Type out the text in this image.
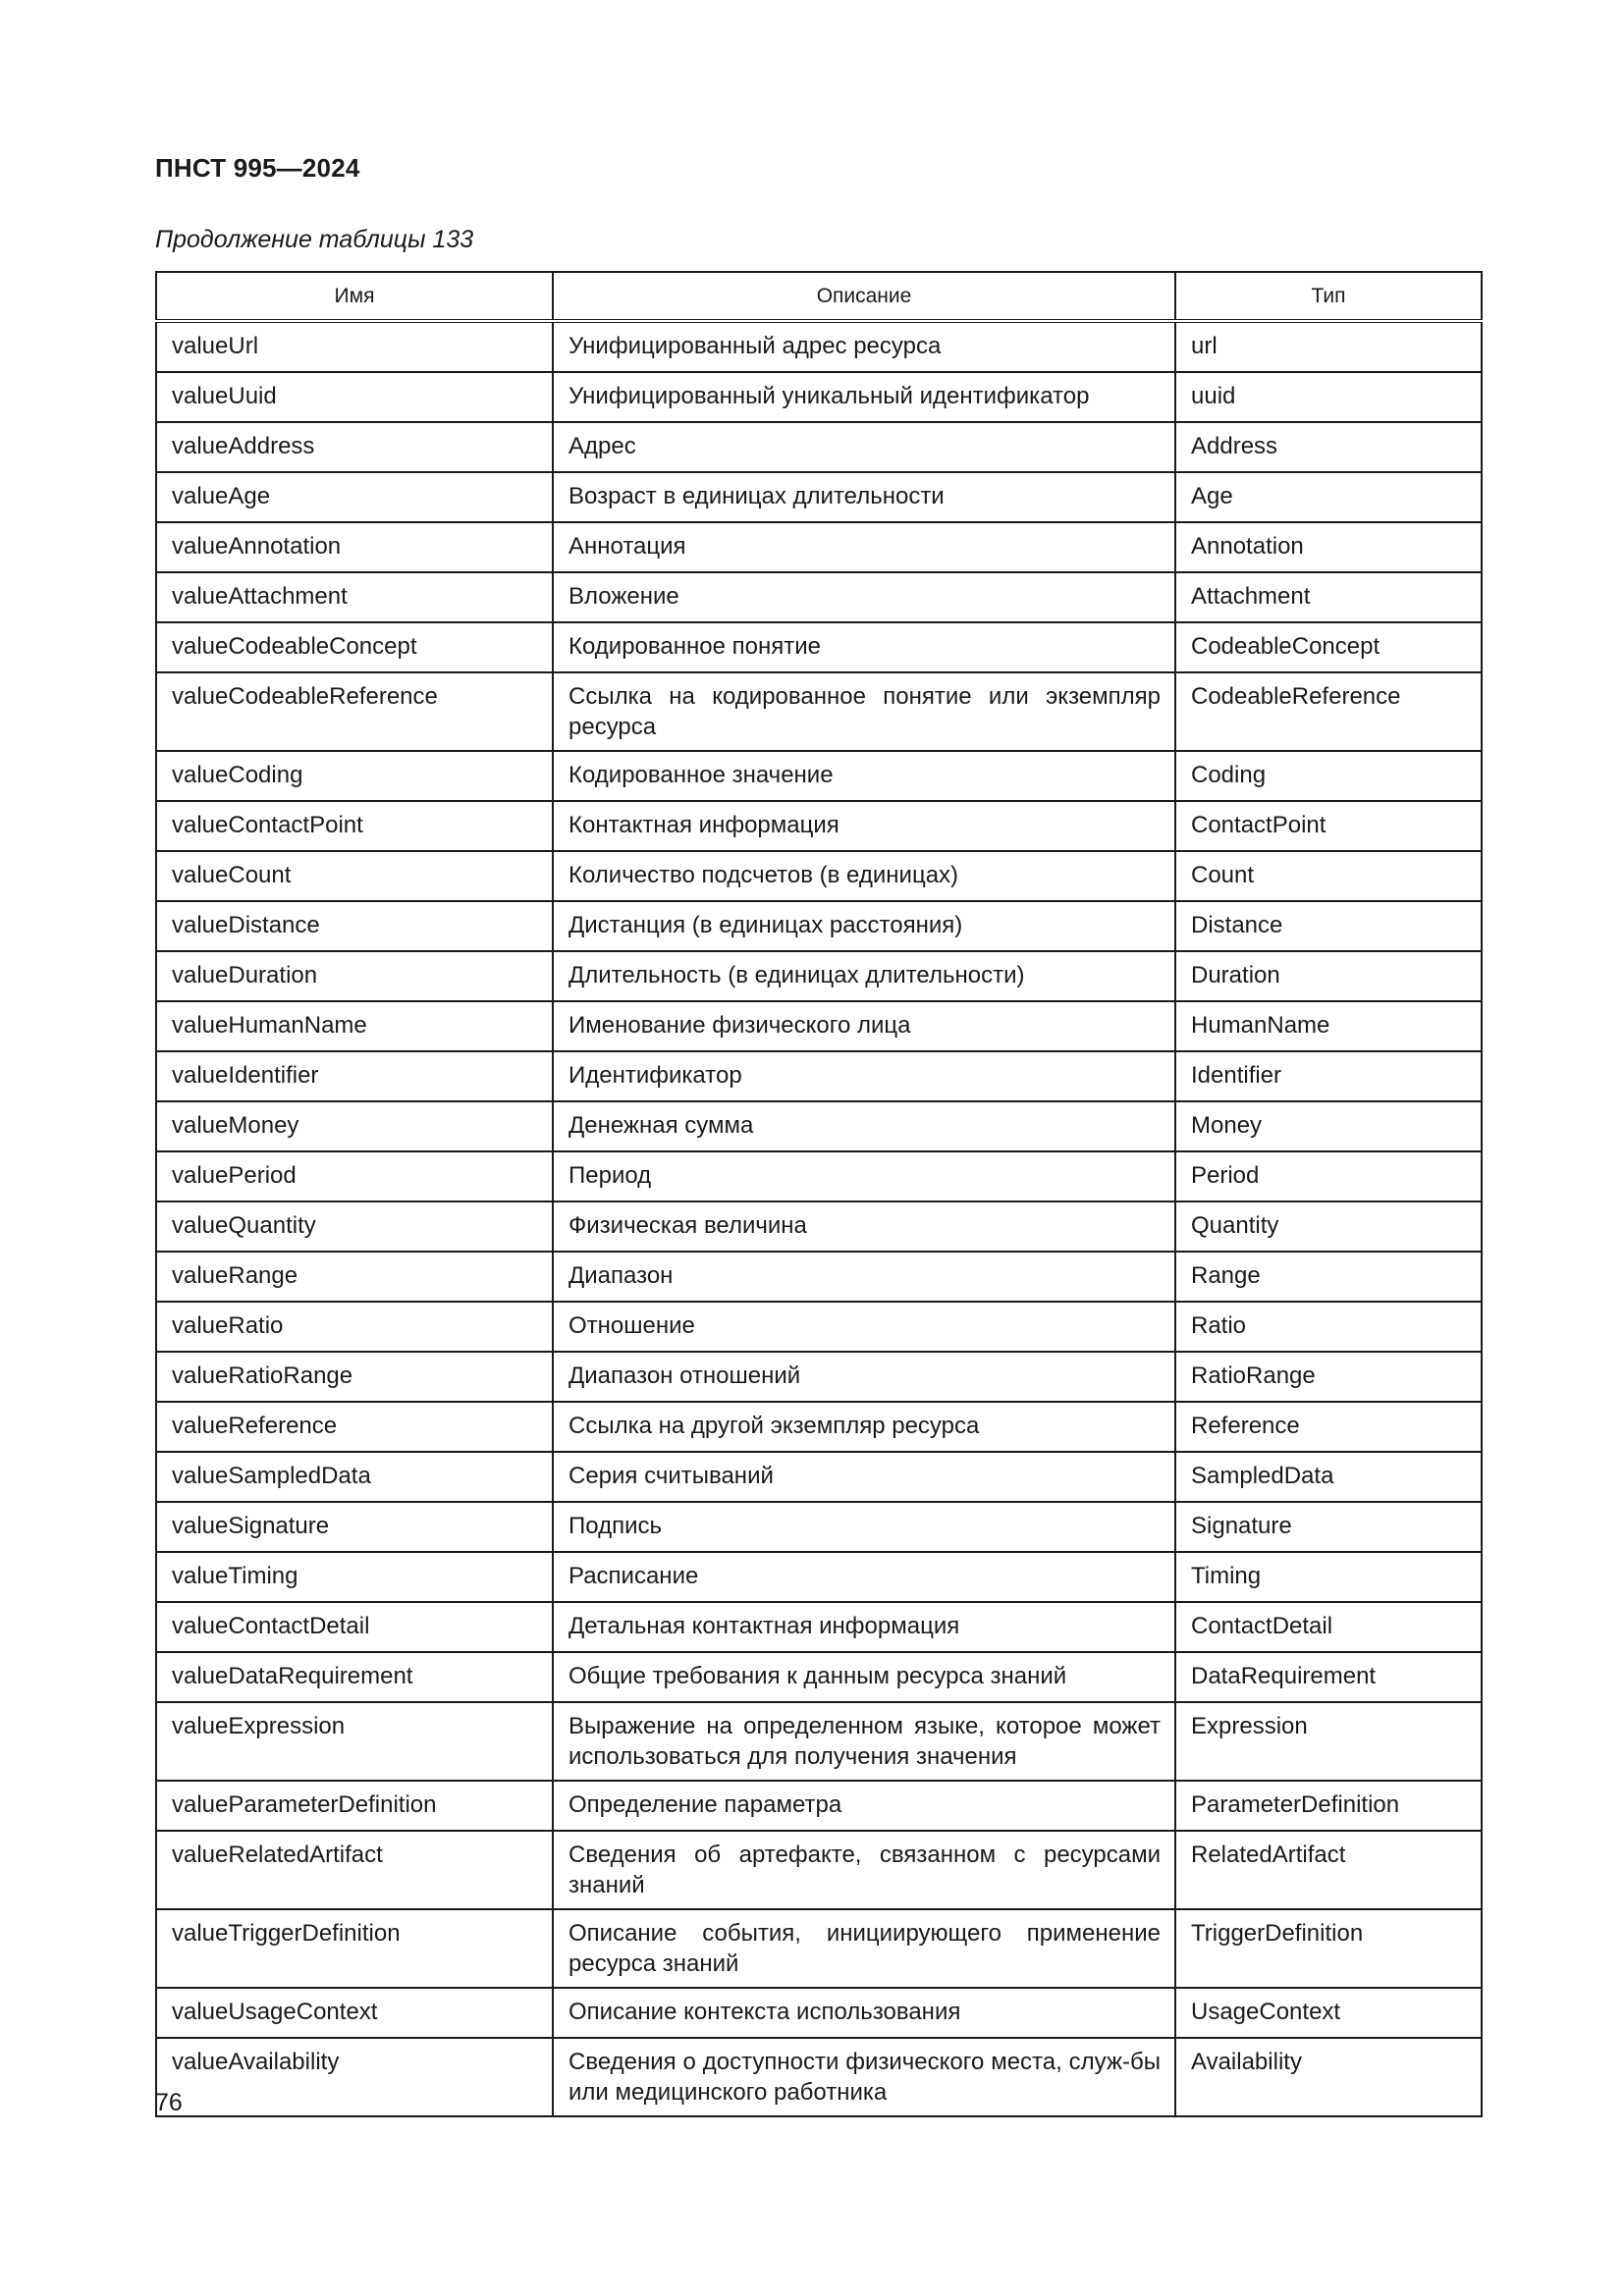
ПНСТ 995—2024
Продолжение таблицы 133
Имя	Описание	Тип
valueUrl	Унифицированный адрес ресурса	url
valueUuid	Унифицированный уникальный идентификатор	uuid
valueAddress	Адрес	Address
valueAge	Возраст в единицах длительности	Age
valueAnnotation	Аннотация	Annotation
valueAttachment	Вложение	Attachment
valueCodeableConcept	Кодированное понятие	CodeableConcept
valueCodeableReference	Ссылка на кодированное понятие или экземпляр ресурса	CodeableReference
valueCoding	Кодированное значение	Coding
valueContactPoint	Контактная информация	ContactPoint
valueCount	Количество подсчетов (в единицах)	Count
valueDistance	Дистанция (в единицах расстояния)	Distance
valueDuration	Длительность (в единицах длительности)	Duration
valueHumanName	Именование физического лица	HumanName
valueIdentifier	Идентификатор	Identifier
valueMoney	Денежная сумма	Money
valuePeriod	Период	Period
valueQuantity	Физическая величина	Quantity
valueRange	Диапазон	Range
valueRatio	Отношение	Ratio
valueRatioRange	Диапазон отношений	RatioRange
valueReference	Ссылка на другой экземпляр ресурса	Reference
valueSampledData	Серия считываний	SampledData
valueSignature	Подпись	Signature
valueTiming	Расписание	Timing
valueContactDetail	Детальная контактная информация	ContactDetail
valueDataRequirement	Общие требования к данным ресурса знаний	DataRequirement
valueExpression	Выражение на определенном языке, которое может использоваться для получения значения	Expression
valueParameterDefinition	Определение параметра	ParameterDefinition
valueRelatedArtifact	Сведения об артефакте, связанном с ресурсами знаний	RelatedArtifact
valueTriggerDefinition	Описание события, инициирующего применение ресурса знаний	TriggerDefinition
valueUsageContext	Описание контекста использования	UsageContext
valueAvailability	Сведения о доступности физического места, служ-бы или медицинского работника	Availability
76
